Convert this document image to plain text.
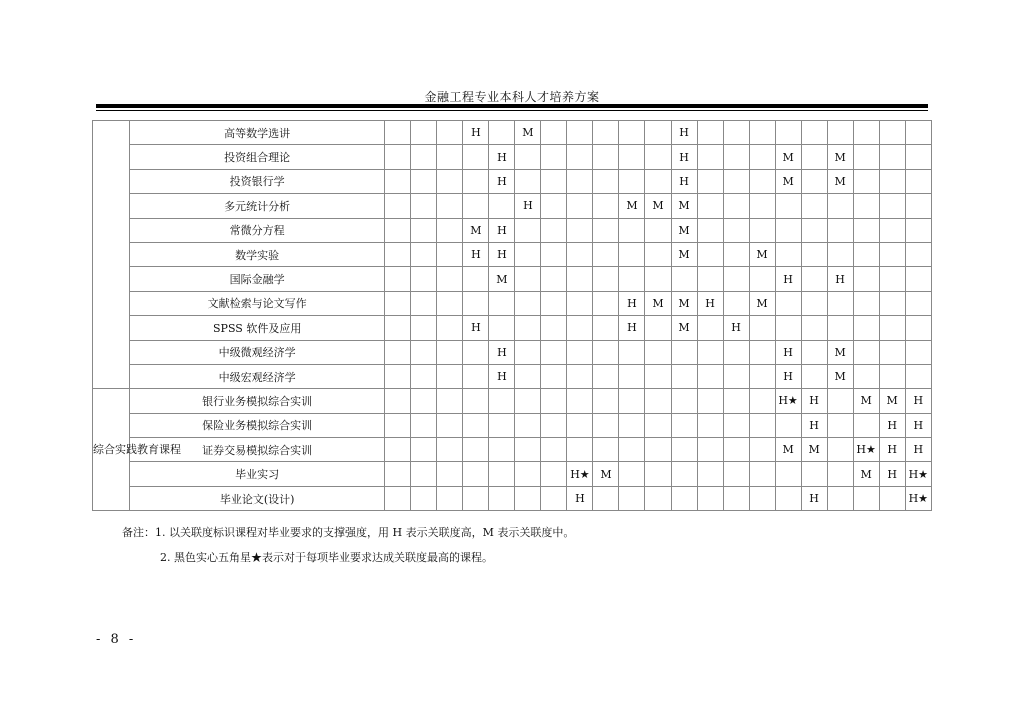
金融工程专业本科人才培养方案
	高等数学选讲				H		M						H									
	投资组合理论					H							H				M		M			
	投资银行学					H							H				M		M			
	多元统计分析						H				M	M	M									
	常微分方程				M	H							M									
	数学实验				H	H							M			M						
	国际金融学					M											H		H			
	文献检索与论文写作										H	M	M	H		M						
	SPSS 软件及应用				H						H		M		H							
	中级微观经济学					H											H		M			
	中级宏观经济学					H											H		M			
综合实践教育课程	银行业务模拟综合实训																H★	H		M	M	H
	保险业务模拟综合实训																	H			H	H
	证券交易模拟综合实训																M	M		H★	H	H
	毕业实习								H★	M										M	H	H★
	毕业论文(设计)								H									H				H★
备注：1. 以关联度标识课程对毕业要求的支撑强度，用 H 表示关联度高，M 表示关联度中。
2. 黑色实心五角星★表示对于每项毕业要求达成关联度最高的课程。
- 8 -
